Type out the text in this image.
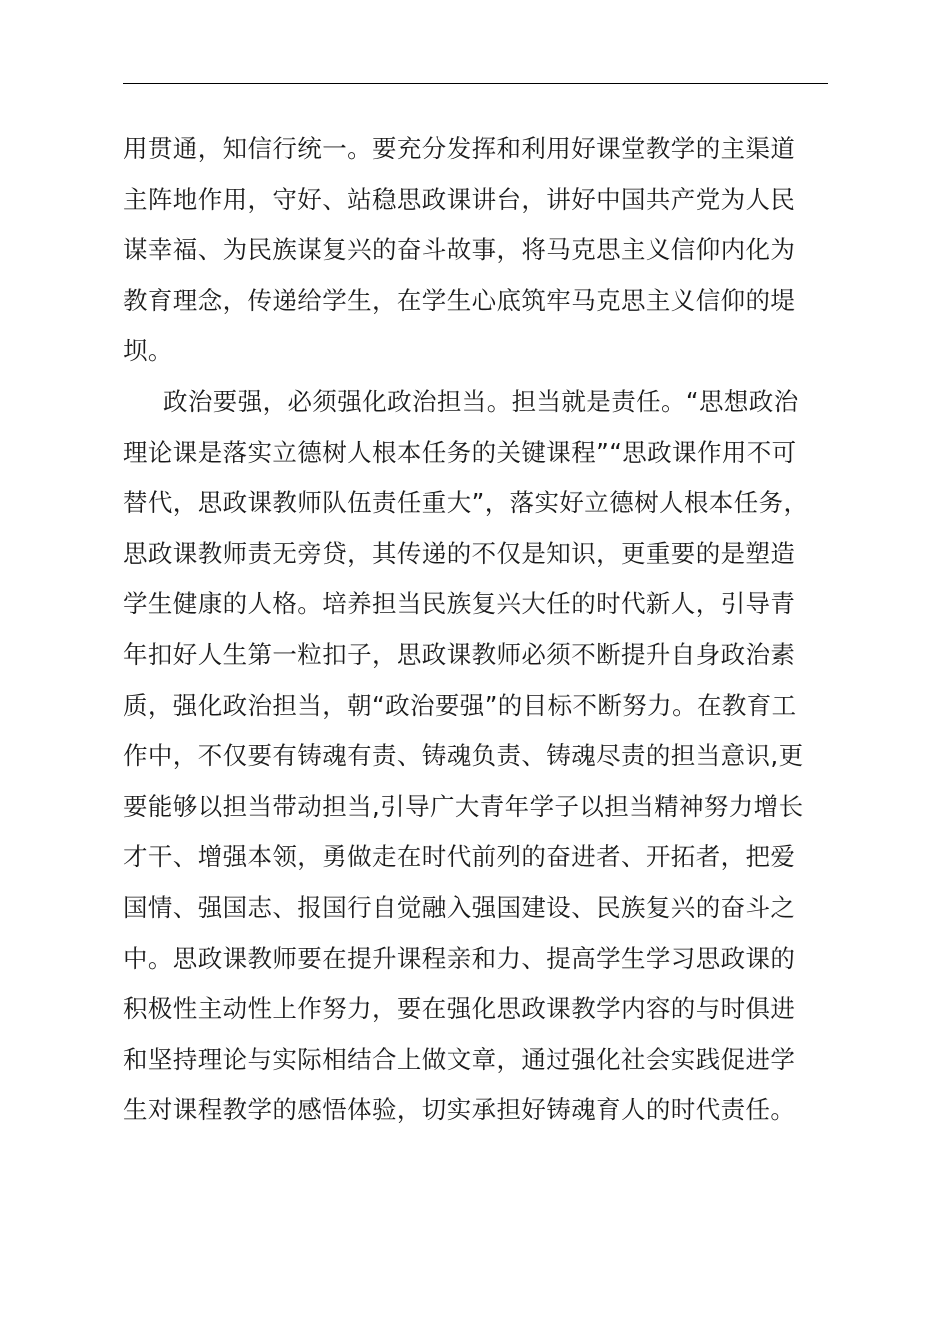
用贯通，知信行统一。要充分发挥和利用好课堂教学的主渠道
主阵地作用，守好、站稳思政课讲台，讲好中国共产党为人民
谋幸福、为民族谋复兴的奋斗故事，将马克思主义信仰内化为
教育理念，传递给学生，在学生心底筑牢马克思主义信仰的堤
坝。

政治要强，必须强化政治担当。担当就是责任。“思想政治
理论课是落实立德树人根本任务的关键课程”“思政课作用不可
替代，思政课教师队伍责任重大”，落实好立德树人根本任务，
思政课教师责无旁贷，其传递的不仅是知识，更重要的是塑造
学生健康的人格。培养担当民族复兴大任的时代新人，引导青
年扣好人生第一粒扣子，思政课教师必须不断提升自身政治素
质，强化政治担当，朝“政治要强”的目标不断努力。在教育工
作中，不仅要有铸魂有责、铸魂负责、铸魂尽责的担当意识,更
要能够以担当带动担当,引导广大青年学子以担当精神努力增长
才干、增强本领，勇做走在时代前列的奋进者、开拓者，把爱
国情、强国志、报国行自觉融入强国建设、民族复兴的奋斗之
中。思政课教师要在提升课程亲和力、提高学生学习思政课的
积极性主动性上作努力，要在强化思政课教学内容的与时俱进
和坚持理论与实际相结合上做文章，通过强化社会实践促进学
生对课程教学的感悟体验，切实承担好铸魂育人的时代责任。
